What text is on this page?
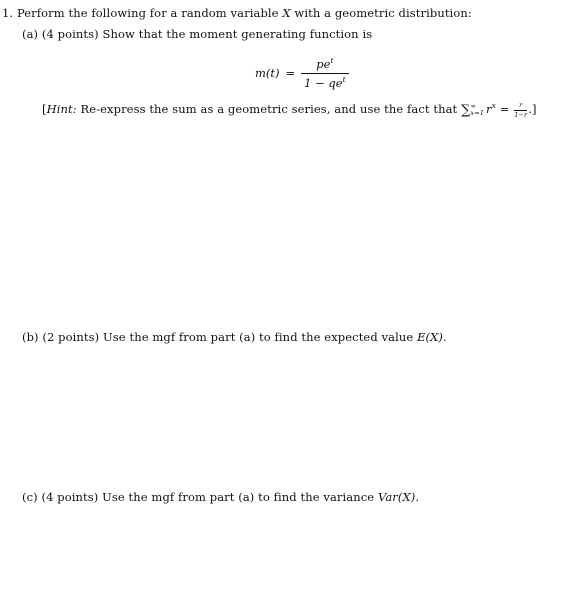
1. Perform the following for a random variable X with a geometric distribution:
(a) (4 points) Show that the moment generating function is
$m(t) = \frac{pe^t}{1 - qe^t}$
[Hint: Re-express the sum as a geometric series, and use the fact that ∑ ∞
x=1 $r^x = \frac{r}{1-r}$ .]
(b) (2 points) Use the mgf from part (a) to find the expected value E(X).
(c) (4 points) Use the mgf from part (a) to find the variance Var(X).
